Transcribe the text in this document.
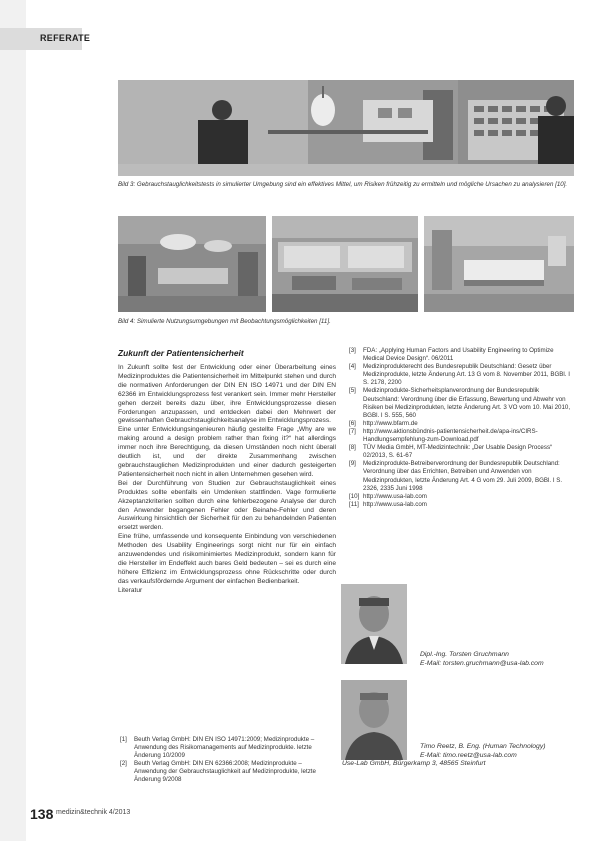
REFERATE
Bild 3: Gebrauchstauglichkeitstests in simulierter Umgebung sind ein effektives Mittel, um Risiken frühzeitig zu ermitteln und mögliche Ursachen zu analysieren [10].
Bild 4: Simulierte Nutzungsumgebungen mit Beobachtungsmöglichkeiten [11].
Zukunft der Patientensicherheit

In Zukunft sollte fest der Entwicklung oder einer Überarbeitung eines Medizinproduktes die Patientensicherheit im Mittelpunkt stehen und durch die normativen Anforderungen der DIN EN ISO 14971 und der DIN EN 62366 im Entwicklungsprozess fest verankert sein. Immer mehr Hersteller gehen derzeit bereits dazu über, ihre Entwicklungsprozesse diesen Forderungen anzupassen, und entdecken dabei den Mehrwert der gewissenhaften Gebrauchstauglichkeitsanalyse im Entwicklungsprozess.

Eine unter Entwicklungsingenieuren häufig gestellte Frage „Why are we making around a design problem rather than fixing it?“ hat allerdings immer noch ihre Berechtigung, da diesen Umständen noch nicht überall deutlich ist, und der direkte Zusammenhang zwischen gebrauchstauglichen Medizinprodukten und einer dadurch gesteigerten Patientensicherheit noch nicht in allen Unternehmen gesehen wird.

Bei der Durchführung von Studien zur Gebrauchstauglichkeit eines Produktes sollte ebenfalls ein Umdenken stattfinden. Vage formulierte Akzeptanzkriterien sollten durch eine fehlerbezogene Analyse der durch den Anwender begangenen Fehler oder Beinahe-Fehler und deren Auswirkung hinsichtlich der Sicherheit für den zu behandelnden Patienten ersetzt werden.

Eine frühe, umfassende und konsequente Einbindung von verschiedenen Methoden des Usability Engineerings sorgt nicht nur für ein einfach anzuwendendes und risikominimiertes Medizinprodukt, sondern kann für die Hersteller im Endeffekt auch bares Geld bedeuten – sei es durch eine höhere Effizienz im Entwicklungsprozess ohne Rückschritte oder durch das verkaufsfördernde Argument der einfachen Bedienbarkeit.

Literatur

[1]	Beuth Verlag GmbH: DIN EN ISO 14971:2009; Medizinprodukte – Anwendung des Risikomanagements auf Medizinprodukte. letzte Änderung 10/2009
[2]	Beuth Verlag GmbH: DIN EN 62366:2008; Medizinprodukte – Anwendung der Gebrauchstauglichkeit auf Medizinprodukte, letzte Änderung 9/2008
[3]	FDA: „Applying Human Factors and Usability Engineering to Optimize Medical Device Design“. 06/2011
[4]	Medizinprodukterecht des Bundesrepublik Deutschland: Gesetz über Medizinprodukte, letzte Änderung Art. 13 G vom 8. November 2011, BGBl. I S. 2178, 2200
[5]	Medizinprodukte-Sicherheitsplanverordnung der Bundesrepublik Deutschland: Verordnung über die Erfassung, Bewertung und Abwehr von Risiken bei Medizinprodukten, letzte Änderung Art. 3 VO vom 10. Mai 2010, BGBl. I S. 555, 560
[6]	http://www.bfarm.de
[7]	http://www.aktionsbündnis-patientensicherheit.de/apa-ins/CIRS-Handlungsempfehlung-zum-Download.pdf
[8]	TÜV Media GmbH, MT-Medizintechnik: „Der Usable Design Process“ 02/2013, S. 61-67
[9]	Medizinprodukte-Betreiberverordnung der Bundesrepublik Deutschland: Verordnung über das Errichten, Betreiben und Anwenden von Medizinprodukten, letzte Änderung Art. 4 G vom 29. Juli 2009, BGBl. I S. 2326, 2335 Juni 1998
[10] http://www.usa-lab.com
[11] http://www.usa-lab.com
Dipl.-Ing. Torsten Gruchmann
E-Mail: torsten.gruchmann@usa-lab.com
Timo Reetz, B. Eng. (Human Technology)
E-Mail: timo.reetz@usa-lab.com
Use-Lab GmbH, Bürgerkamp 3, 48565 Steinfurt
138 medizin&technik 4/2013
